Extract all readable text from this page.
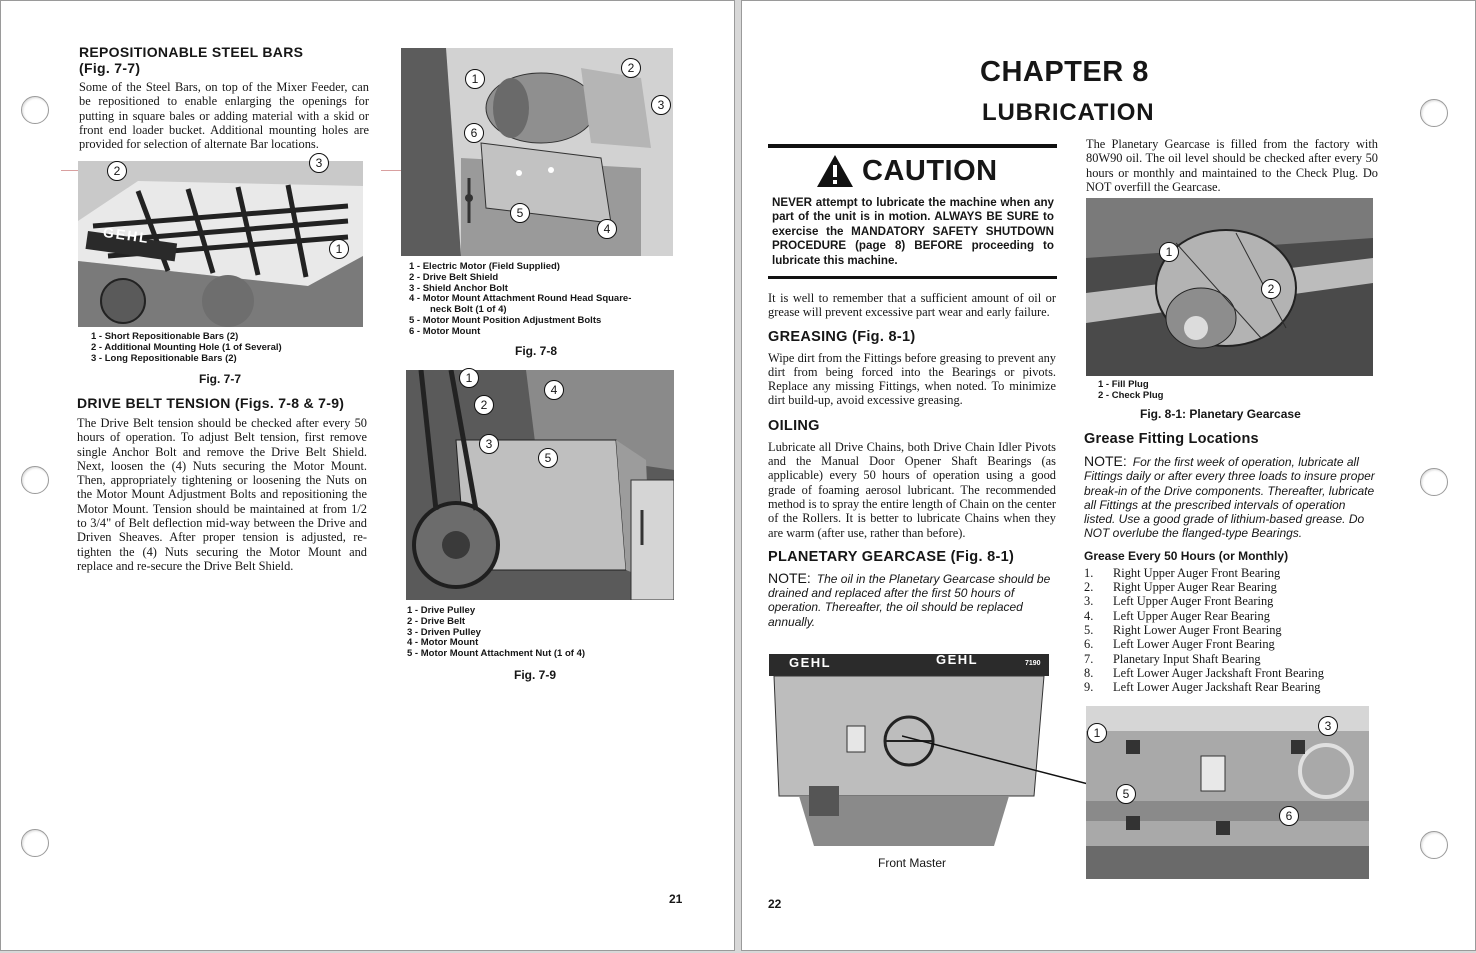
REPOSITIONABLE STEEL BARS
(Fig. 7-7)

Some of the Steel Bars, on top of the Mixer Feeder, can be repositioned to enable enlarging the openings for putting in square bales or adding material with a skid or front end loader bucket. Additional mounting holes are provided for selection of alternate Bar locations.

GEHL
2
3
1
1 - Short Repositionable Bars (2)
2 - Additional Mounting Hole (1 of Several)
3 - Long Repositionable Bars (2)
Fig. 7-7
DRIVE BELT TENSION (Figs. 7-8 & 7-9)

The Drive Belt tension should be checked after every 50 hours of operation. To adjust Belt tension, first remove single Anchor Bolt and remove the Drive Belt Shield. Next, loosen the (4) Nuts securing the Motor Mount. Then, appropriately tightening or loosening the Nuts on the Motor Mount Adjustment Bolts and repositioning the Motor Mount. Tension should be maintained at from 1/2 to 3/4" of Belt deflection mid-way between the Drive and Driven Sheaves. After proper tension is adjusted, re-tighten the (4) Nuts securing the Motor Mount and replace and re-secure the Drive Belt Shield.

1
2
3
4
5
6
1 - Electric Motor (Field Supplied)
2 - Drive Belt Shield
3 - Shield Anchor Bolt
4 - Motor Mount Attachment Round Head Square-
neck Bolt (1 of 4)
5 - Motor Mount Position Adjustment Bolts
6 - Motor Mount
Fig. 7-8
1
2
3
4
5
1 - Drive Pulley
2 - Drive Belt
3 - Driven Pulley
4 - Motor Mount
5 - Motor Mount Attachment Nut (1 of 4)
Fig. 7-9
21
CHAPTER 8
LUBRICATION
CAUTION

NEVER attempt to lubricate the machine when any part of the unit is in motion. ALWAYS BE SURE to exercise the MANDATORY SAFETY SHUTDOWN PROCEDURE (page 8) BEFORE proceeding to lubricate this machine.

It is well to remember that a sufficient amount of oil or grease will prevent excessive part wear and early failure.

GREASING (Fig. 8-1)

Wipe dirt from the Fittings before greasing to prevent any dirt from being forced into the Bearings or pivots. Replace any missing Fittings, when noted. To minimize dirt build-up, avoid excessive greasing.

OILING

Lubricate all Drive Chains, both Drive Chain Idler Pivots and the Manual Door Opener Shaft Bearings (as applicable) every 50 hours of operation using a good grade of foaming aerosol lubricant. The recommended method is to spray the entire length of Chain on the center of the Rollers. It is better to lubricate Chains when they are warm (after use, rather than before).

PLANETARY GEARCASE (Fig. 8-1)

NOTE: The oil in the Planetary Gearcase should be drained and replaced after the first 50 hours of operation. Thereafter, the oil should be replaced annually.

GEHL	GEHL	7190
Front Master

The Planetary Gearcase is filled from the factory with 80W90 oil. The oil level should be checked after every 50 hours or monthly and maintained to the Check Plug. Do NOT overfill the Gearcase.

1
2
1 - Fill Plug
2 - Check Plug
Fig. 8-1: Planetary Gearcase
Grease Fitting Locations

NOTE: For the first week of operation, lubricate all Fittings daily or after every three loads to insure proper break-in of the Drive components. Thereafter, lubricate all Fittings at the prescribed intervals of operation listed. Use a good grade of lithium-based grease. Do NOT overlube the flanged-type Bearings.

Grease Every 50 Hours (or Monthly)
1.	Right Upper Auger Front Bearing
2.	Right Upper Auger Rear Bearing
3.	Left Upper Auger Front Bearing
4.	Left Upper Auger Rear Bearing
5.	Right Lower Auger Front Bearing
6.	Left Lower Auger Front Bearing
7.	Planetary Input Shaft Bearing
8.	Left Lower Auger Jackshaft Front Bearing
9.	Left Lower Auger Jackshaft Rear Bearing
1	3
5
6
22
